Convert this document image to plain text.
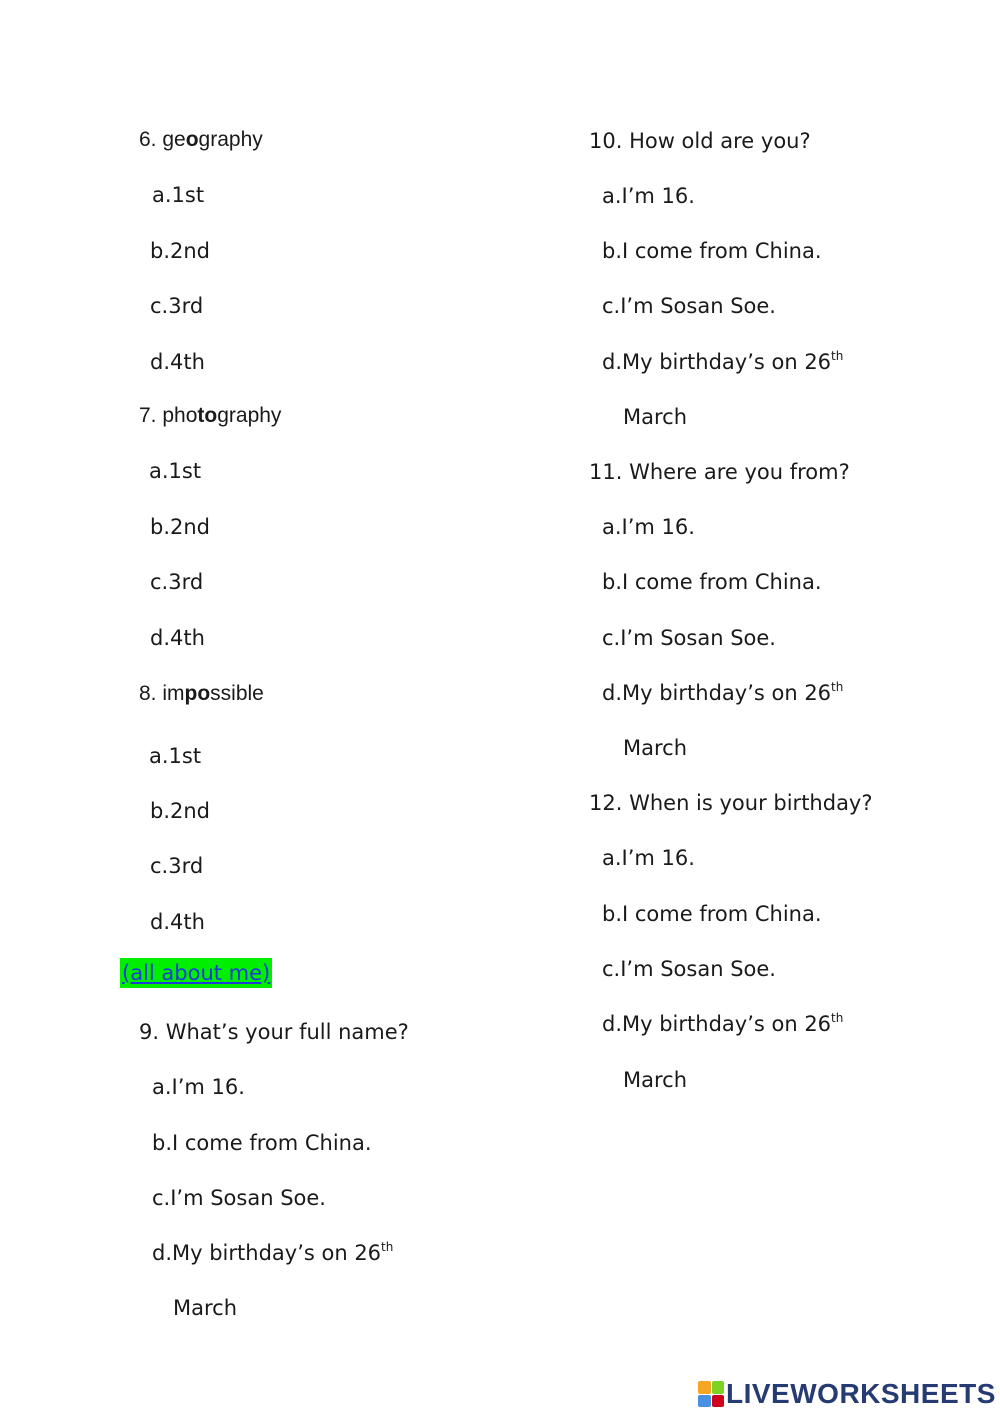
6. geography
a.1st
b.2nd
c.3rd
d.4th
7. photography
a.1st
b.2nd
c.3rd
d.4th
8. impossible
a.1st
b.2nd
c.3rd
d.4th
(all about me)
9. What’s your full name?
a.I’m 16.
b.I come from China.
c.I’m Sosan Soe.
d.My birthday’s on 26th
March
10. How old are you?
a.I’m 16.
b.I come from China.
c.I’m Sosan Soe.
d.My birthday’s on 26th
March
11. Where are you from?
a.I’m 16.
b.I come from China.
c.I’m Sosan Soe.
d.My birthday’s on 26th
March
12. When is your birthday?
a.I’m 16.
b.I come from China.
c.I’m Sosan Soe.
d.My birthday’s on 26th
March
LIVEWORKSHEETS
